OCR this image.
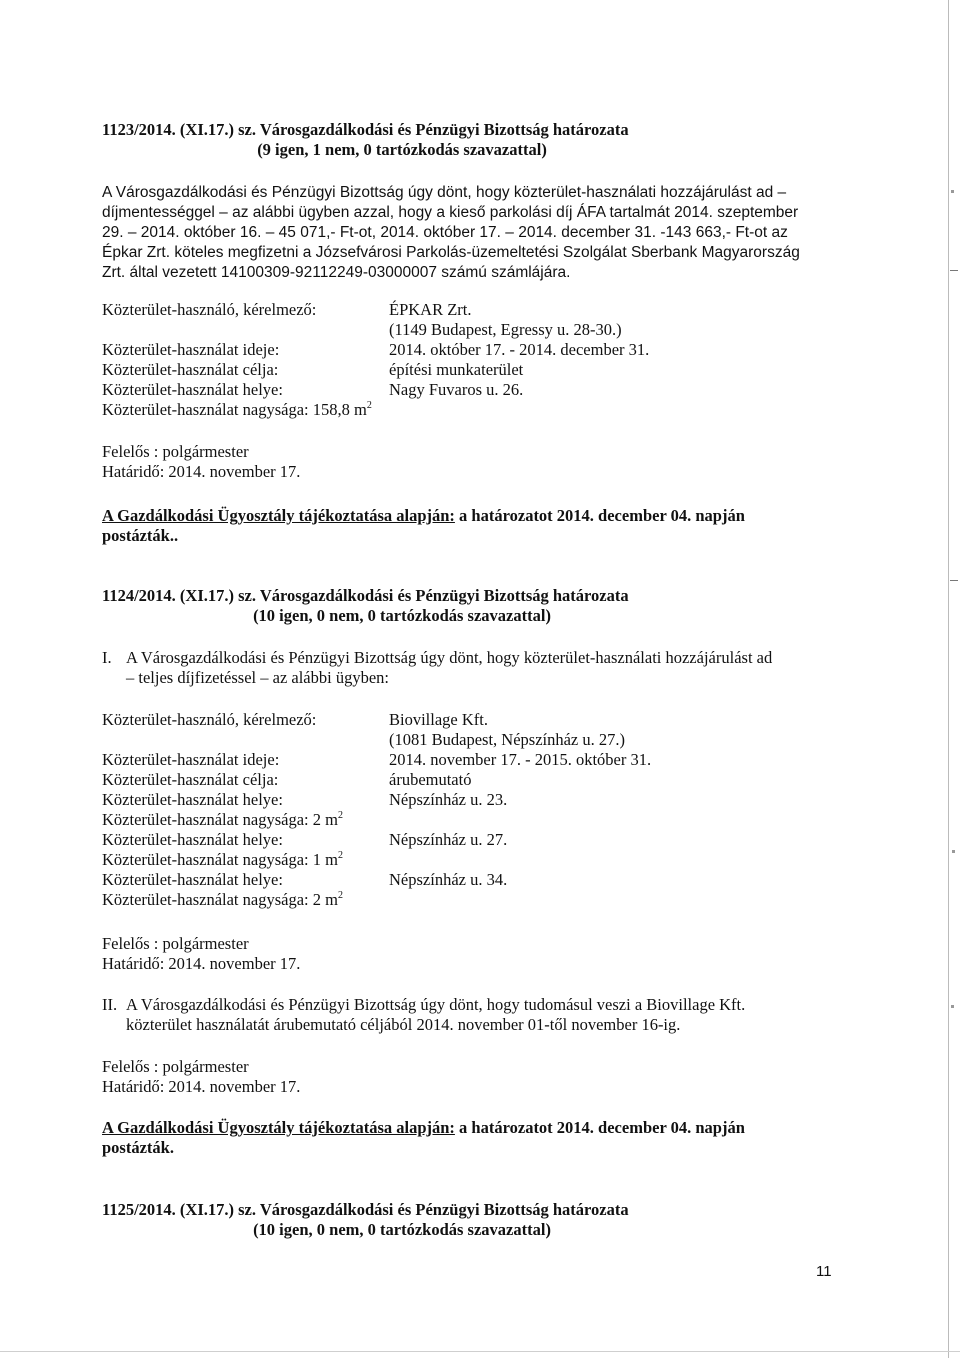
1123/2014. (XI.17.) sz. Városgazdálkodási és Pénzügyi Bizottság határozata
(9 igen, 1 nem, 0 tartózkodás szavazattal)
A Városgazdálkodási és Pénzügyi Bizottság úgy dönt, hogy közterület-használati hozzájárulást ad –
díjmentességgel – az alábbi ügyben azzal, hogy a kieső parkolási díj ÁFA tartalmát 2014. szeptember
29. – 2014. október 16. – 45 071,- Ft-ot, 2014. október 17. – 2014. december 31. -143 663,- Ft-ot az
Épkar Zrt. köteles megfizetni a Józsefvárosi Parkolás-üzemeltetési Szolgálat Sberbank Magyarország
Zrt. által vezetett 14100309-92112249-03000007 számú számlájára.
Közterület-használó, kérelmező:	ÉPKAR Zrt.
(1149 Budapest, Egressy u. 28-30.)
Közterület-használat ideje:	2014. október 17. - 2014. december 31.
Közterület-használat célja:	építési munkaterület
Közterület-használat helye:	Nagy Fuvaros u. 26.
Közterület-használat nagysága: 158,8 $m^2$
Felelős : polgármester
Határidő: 2014. november 17.
A Gazdálkodási Ügyosztály tájékoztatása alapján: a határozatot 2014. december 04. napján
postázták..
1124/2014. (XI.17.) sz. Városgazdálkodási és Pénzügyi Bizottság határozata
(10 igen, 0 nem, 0 tartózkodás szavazattal)
I. A Városgazdálkodási és Pénzügyi Bizottság úgy dönt, hogy közterület-használati hozzájárulást ad
– teljes díjfizetéssel – az alábbi ügyben:
Közterület-használó, kérelmező:	Biovillage Kft.
(1081 Budapest, Népszínház u. 27.)
Közterület-használat ideje:	2014. november 17. - 2015. október 31.
Közterület-használat célja:	árubemutató
Közterület-használat helye:	Népszínház u. 23.
Közterület-használat nagysága: 2 $m^2$
Közterület-használat helye:	Népszínház u. 27.
Közterület-használat nagysága: 1 $m^2$
Közterület-használat helye:	Népszínház u. 34.
Közterület-használat nagysága: 2 $m^2$
Felelős : polgármester
Határidő: 2014. november 17.
II. A Városgazdálkodási és Pénzügyi Bizottság úgy dönt, hogy tudomásul veszi a Biovillage Kft.
közterület használatát árubemutató céljából 2014. november 01-től november 16-ig.
Felelős : polgármester
Határidő: 2014. november 17.
A Gazdálkodási Ügyosztály tájékoztatása alapján: a határozatot 2014. december 04. napján
postázták.
1125/2014. (XI.17.) sz. Városgazdálkodási és Pénzügyi Bizottság határozata
(10 igen, 0 nem, 0 tartózkodás szavazattal)
11
